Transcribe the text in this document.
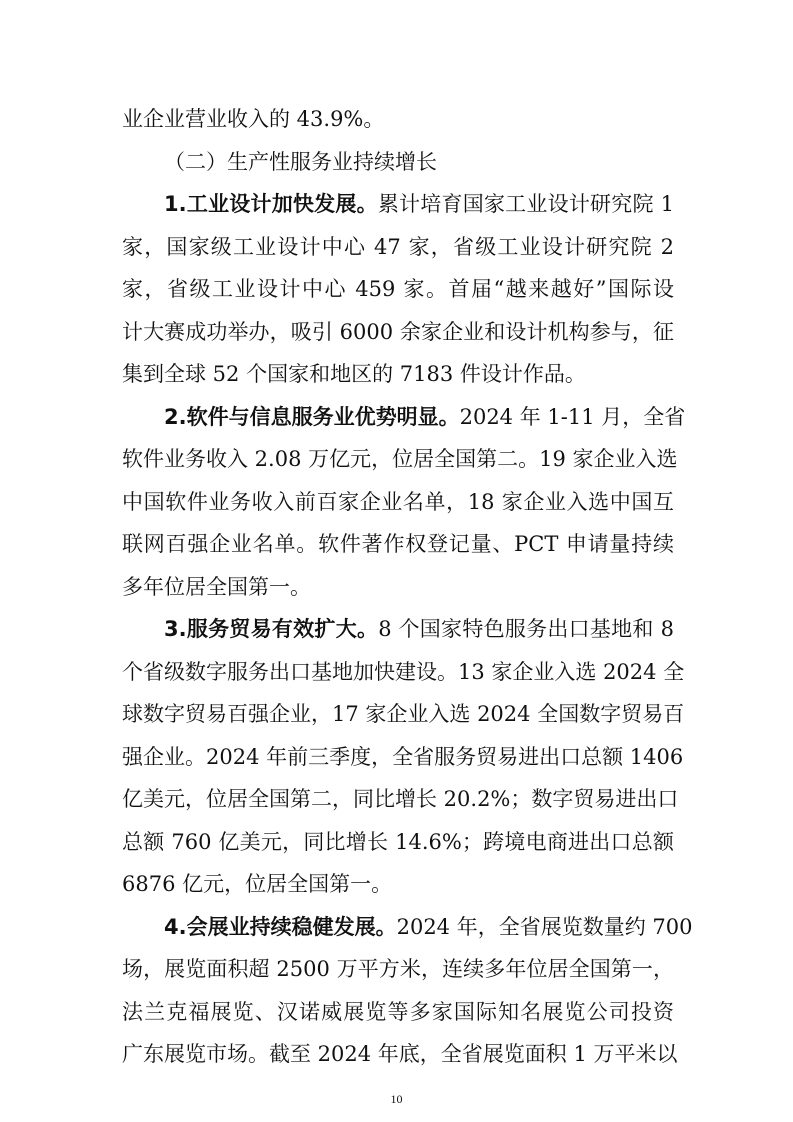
业企业营业收入的 43.9%。
（二）生产性服务业持续增长
1.工业设计加快发展。累计培育国家工业设计研究院 1
家，国家级工业设计中心 47 家，省级工业设计研究院 2
家，省级工业设计中心 459 家。首届“越来越好”国际设
计大赛成功举办，吸引 6000 余家企业和设计机构参与，征
集到全球 52 个国家和地区的 7183 件设计作品。
2.软件与信息服务业优势明显。2024 年 1-11 月，全省
软件业务收入 2.08 万亿元，位居全国第二。19 家企业入选
中国软件业务收入前百家企业名单，18 家企业入选中国互
联网百强企业名单。软件著作权登记量、PCT 申请量持续
多年位居全国第一。
3.服务贸易有效扩大。8 个国家特色服务出口基地和 8
个省级数字服务出口基地加快建设。13 家企业入选 2024 全
球数字贸易百强企业，17 家企业入选 2024 全国数字贸易百
强企业。2024 年前三季度，全省服务贸易进出口总额 1406
亿美元，位居全国第二，同比增长 20.2%；数字贸易进出口
总额 760 亿美元，同比增长 14.6%；跨境电商进出口总额
6876 亿元，位居全国第一。
4.会展业持续稳健发展。2024 年，全省展览数量约 700
场，展览面积超 2500 万平方米，连续多年位居全国第一，
法兰克福展览、汉诺威展览等多家国际知名展览公司投资
广东展览市场。截至 2024 年底，全省展览面积 1 万平米以
10
